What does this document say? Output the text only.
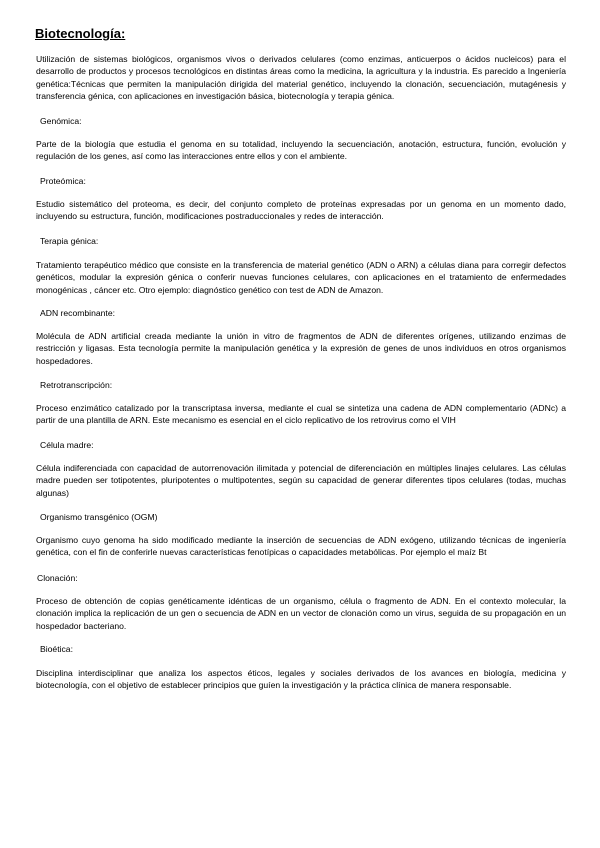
Biotecnología:

Utilización de sistemas biológicos, organismos vivos o derivados celulares (como enzimas, anticuerpos o ácidos nucleicos) para el desarrollo de productos y procesos tecnológicos en distintas áreas como la medicina, la agricultura y la industria. Es parecido a Ingeniería genética:Técnicas que permiten la manipulación dirigida del material genético, incluyendo la clonación, secuenciación, mutagénesis y transferencia génica, con aplicaciones en investigación básica, biotecnología y terapia génica.

Genómica:

Parte de la biología que estudia el genoma en su totalidad, incluyendo la secuenciación, anotación, estructura, función, evolución y regulación de los genes, así como las interacciones entre ellos y con el ambiente.

Proteómica:

Estudio sistemático del proteoma, es decir, del conjunto completo de proteínas expresadas por un genoma en un momento dado, incluyendo su estructura, función, modificaciones postraduccionales y redes de interacción.

Terapia génica:

Tratamiento terapéutico médico que consiste en la transferencia de material genético (ADN o ARN) a células diana para corregir defectos genéticos, modular la expresión génica o conferir nuevas funciones celulares, con aplicaciones en el tratamiento de enfermedades monogénicas , cáncer etc. Otro ejemplo: diagnóstico genético con test de ADN de Amazon.

ADN recombinante:

Molécula de ADN artificial creada mediante la unión in vitro de fragmentos de ADN de diferentes orígenes, utilizando enzimas de restricción y ligasas. Esta tecnología permite la manipulación genética y la expresión de genes de unos individuos en otros organismos hospedadores.

Retrotranscripción:

Proceso enzimático catalizado por la transcriptasa inversa, mediante el cual se sintetiza una cadena de ADN complementario (ADNc) a partir de una plantilla de ARN. Este mecanismo es esencial en el ciclo replicativo de los retrovirus como el VIH

Célula madre:

Célula indiferenciada con capacidad de autorrenovación ilimitada y potencial de diferenciación en múltiples linajes celulares. Las células madre pueden ser totipotentes, pluripotentes o multipotentes, según su capacidad de generar diferentes tipos celulares (todas, muchas algunas)

Organismo transgénico (OGM)

Organismo cuyo genoma ha sido modificado mediante la inserción de secuencias de ADN exógeno, utilizando técnicas de ingeniería genética, con el fin de conferirle nuevas características fenotípicas o capacidades metabólicas. Por ejemplo el maíz Bt

Clonación:

Proceso de obtención de copias genéticamente idénticas de un organismo, célula o fragmento de ADN. En el contexto molecular, la clonación implica la replicación de un gen o secuencia de ADN en un vector de clonación como un virus, seguida de su propagación en un hospedador bacteriano.

Bioética:

Disciplina interdisciplinar que analiza los aspectos éticos, legales y sociales derivados de los avances en biología, medicina y biotecnología, con el objetivo de establecer principios que guíen la investigación y la práctica clínica de manera responsable.
